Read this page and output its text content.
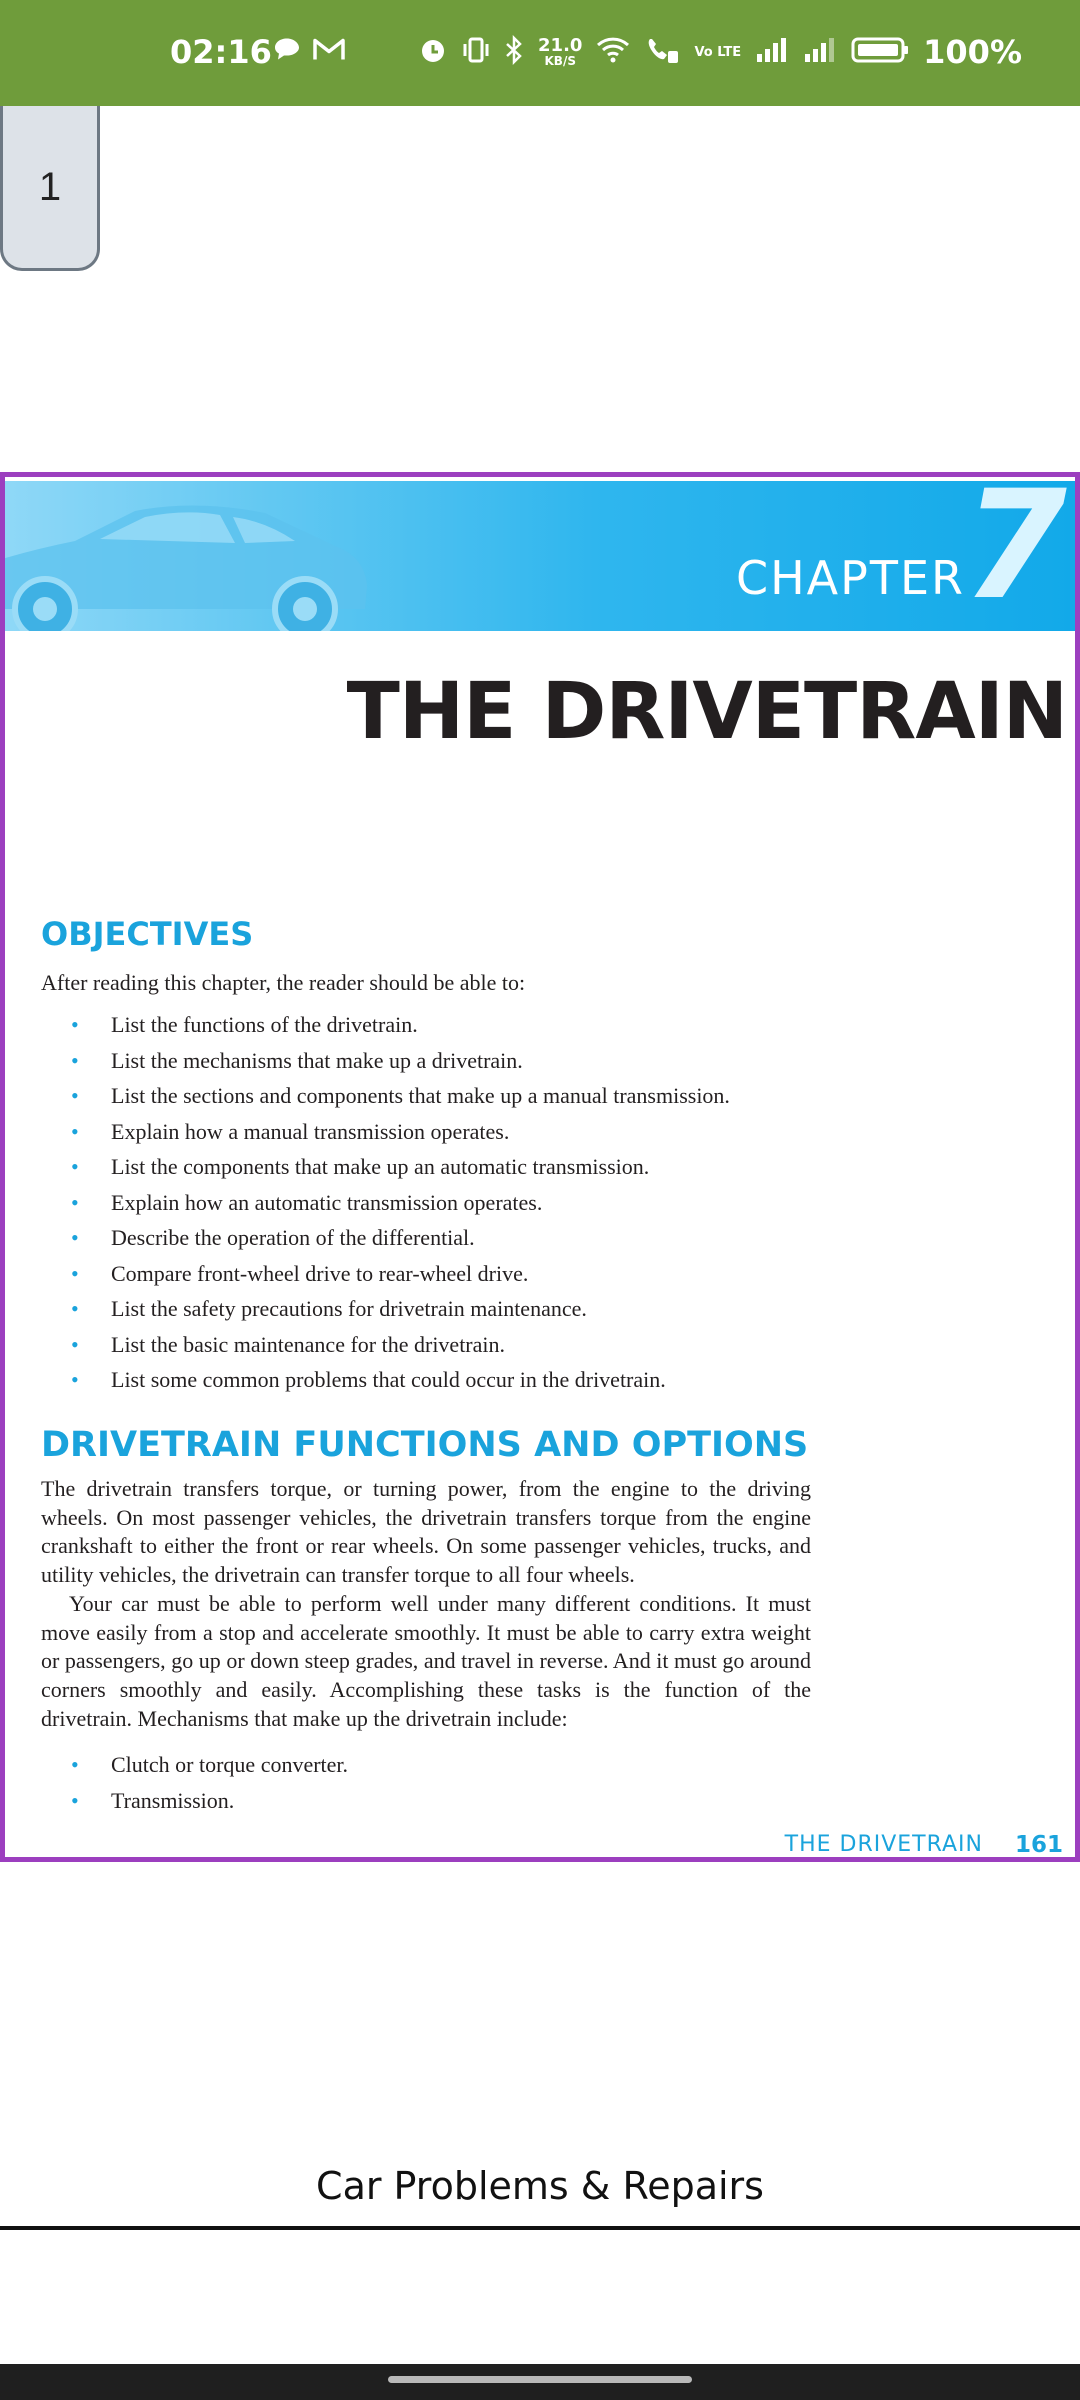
02:16	21.0
KB/S
Vo LTE	100%
1
CHAPTER
7
THE DRIVETRAIN
OBJECTIVES
After reading this chapter, the reader should be able to:
• List the functions of the drivetrain.
• List the mechanisms that make up a drivetrain.
• List the sections and components that make up a manual transmission.
• Explain how a manual transmission operates.
• List the components that make up an automatic transmission.
• Explain how an automatic transmission operates.
• Describe the operation of the differential.
• Compare front-wheel drive to rear-wheel drive.
• List the safety precautions for drivetrain maintenance.
• List the basic maintenance for the drivetrain.
• List some common problems that could occur in the drivetrain.
DRIVETRAIN FUNCTIONS AND OPTIONS
The drivetrain transfers torque, or turning power, from the engine to the driving wheels. On most passenger vehicles, the drivetrain transfers torque from the engine crankshaft to either the front or rear wheels. On some passenger vehicles, trucks, and utility vehicles, the drivetrain can transfer torque to all four wheels.
Your car must be able to perform well under many different conditions. It must move easily from a stop and accelerate smoothly. It must be able to carry extra weight or passengers, go up or down steep grades, and travel in reverse. And it must go around corners smoothly and easily. Accomplishing these tasks is the function of the drivetrain. Mechanisms that make up the drivetrain include:
• Clutch or torque converter.
• Transmission.
THE DRIVETRAIN 161
Car Problems & Repairs
